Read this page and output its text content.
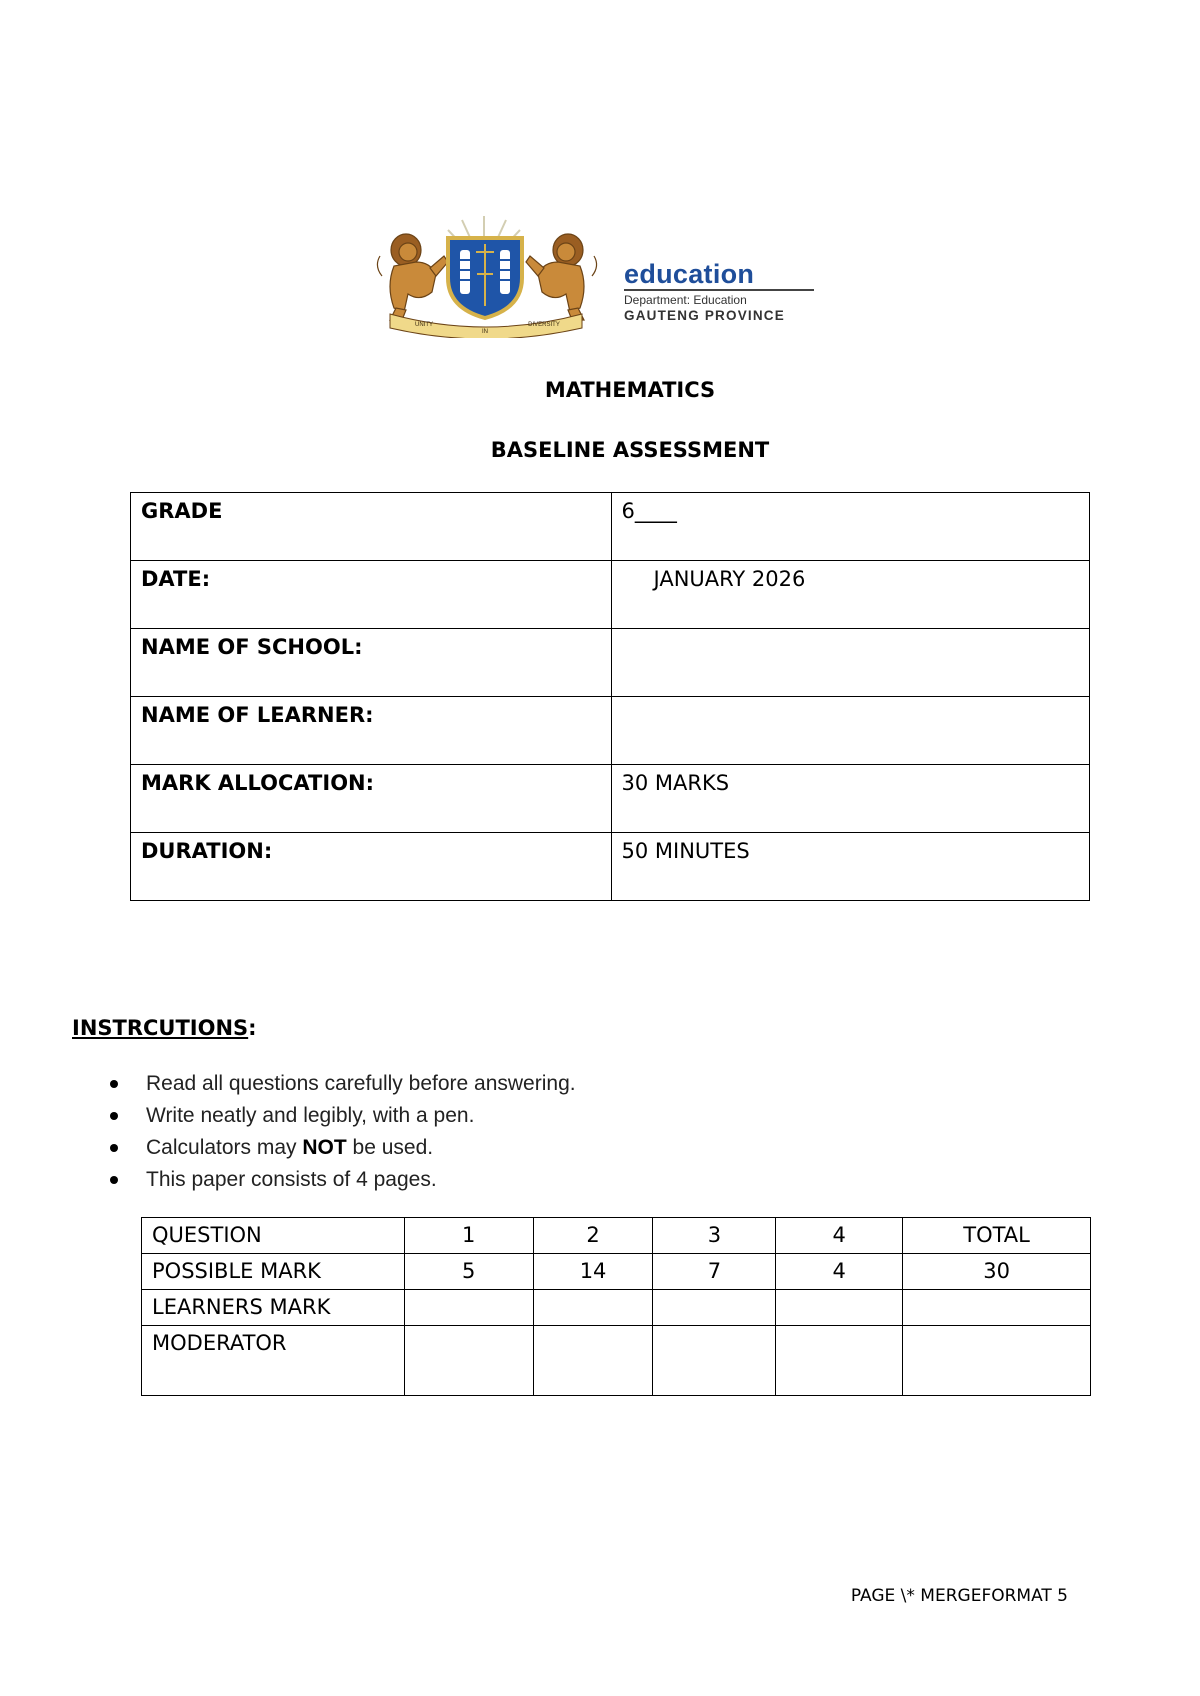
UNITY
IN
DIVERSITY
education
Department: Education
GAUTENG PROVINCE
MATHEMATICS
BASELINE ASSESSMENT
GRADE	6____
DATE:	JANUARY 2026
NAME OF SCHOOL:	
NAME OF LEARNER:	
MARK ALLOCATION:	30 MARKS
DURATION:	50 MINUTES
INSTRCUTIONS:
Read all questions carefully before answering.
Write neatly and legibly, with a pen.
Calculators may NOT be used.
This paper consists of 4 pages.
QUESTION	1	2	3	4	TOTAL
POSSIBLE MARK	5	14	7	4	30
LEARNERS MARK					
MODERATOR					
PAGE \* MERGEFORMAT 5
